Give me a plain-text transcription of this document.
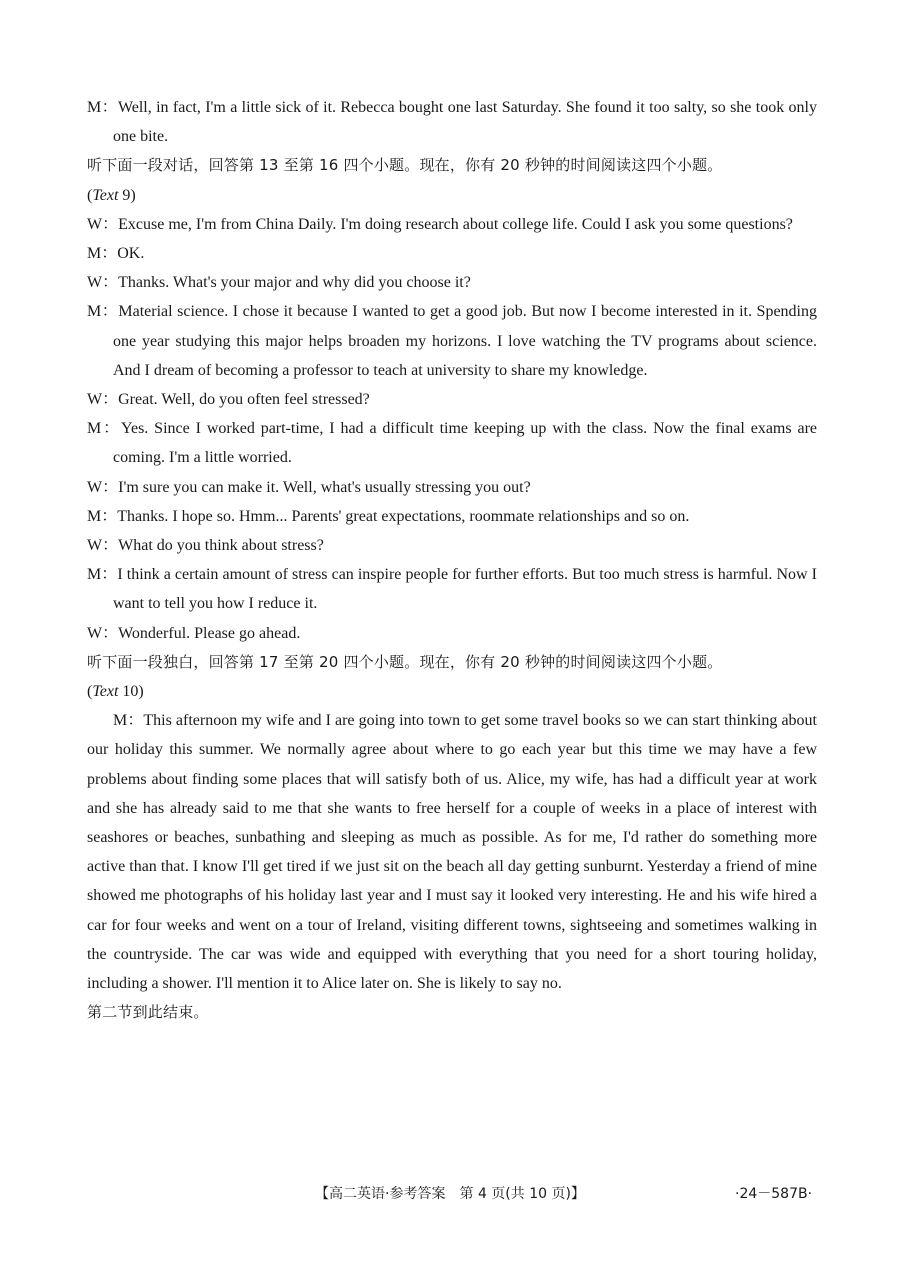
M：Well, in fact, I'm a little sick of it. Rebecca bought one last Saturday. She found it too salty, so she took only one bite.

听下面一段对话，回答第 13 至第 16 四个小题。现在，你有 20 秒钟的时间阅读这四个小题。

(Text 9)

W：Excuse me, I'm from China Daily. I'm doing research about college life. Could I ask you some questions?

M：OK.

W：Thanks. What's your major and why did you choose it?

M：Material science. I chose it because I wanted to get a good job. But now I become interested in it. Spending one year studying this major helps broaden my horizons. I love watching the TV programs about science. And I dream of becoming a professor to teach at university to share my knowledge.

W：Great. Well, do you often feel stressed?

M：Yes. Since I worked part-time, I had a difficult time keeping up with the class. Now the final exams are coming. I'm a little worried.

W：I'm sure you can make it. Well, what's usually stressing you out?

M：Thanks. I hope so. Hmm... Parents' great expectations, roommate relationships and so on.

W：What do you think about stress?

M：I think a certain amount of stress can inspire people for further efforts. But too much stress is harmful. Now I want to tell you how I reduce it.

W：Wonderful. Please go ahead.

听下面一段独白，回答第 17 至第 20 四个小题。现在，你有 20 秒钟的时间阅读这四个小题。

(Text 10)

M：This afternoon my wife and I are going into town to get some travel books so we can start thinking about our holiday this summer. We normally agree about where to go each year but this time we may have a few problems about finding some places that will satisfy both of us. Alice, my wife, has had a difficult year at work and she has already said to me that she wants to free herself for a couple of weeks in a place of interest with seashores or beaches, sunbathing and sleeping as much as possible. As for me, I'd rather do something more active than that. I know I'll get tired if we just sit on the beach all day getting sunburnt. Yesterday a friend of mine showed me photographs of his holiday last year and I must say it looked very interesting. He and his wife hired a car for four weeks and went on a tour of Ireland, visiting different towns, sightseeing and sometimes walking in the countryside. The car was wide and equipped with everything that you need for a short touring holiday, including a shower. I'll mention it to Alice later on. She is likely to say no.

第二节到此结束。

【高二英语·参考答案　第 4 页(共 10 页)】	·24－587B·
